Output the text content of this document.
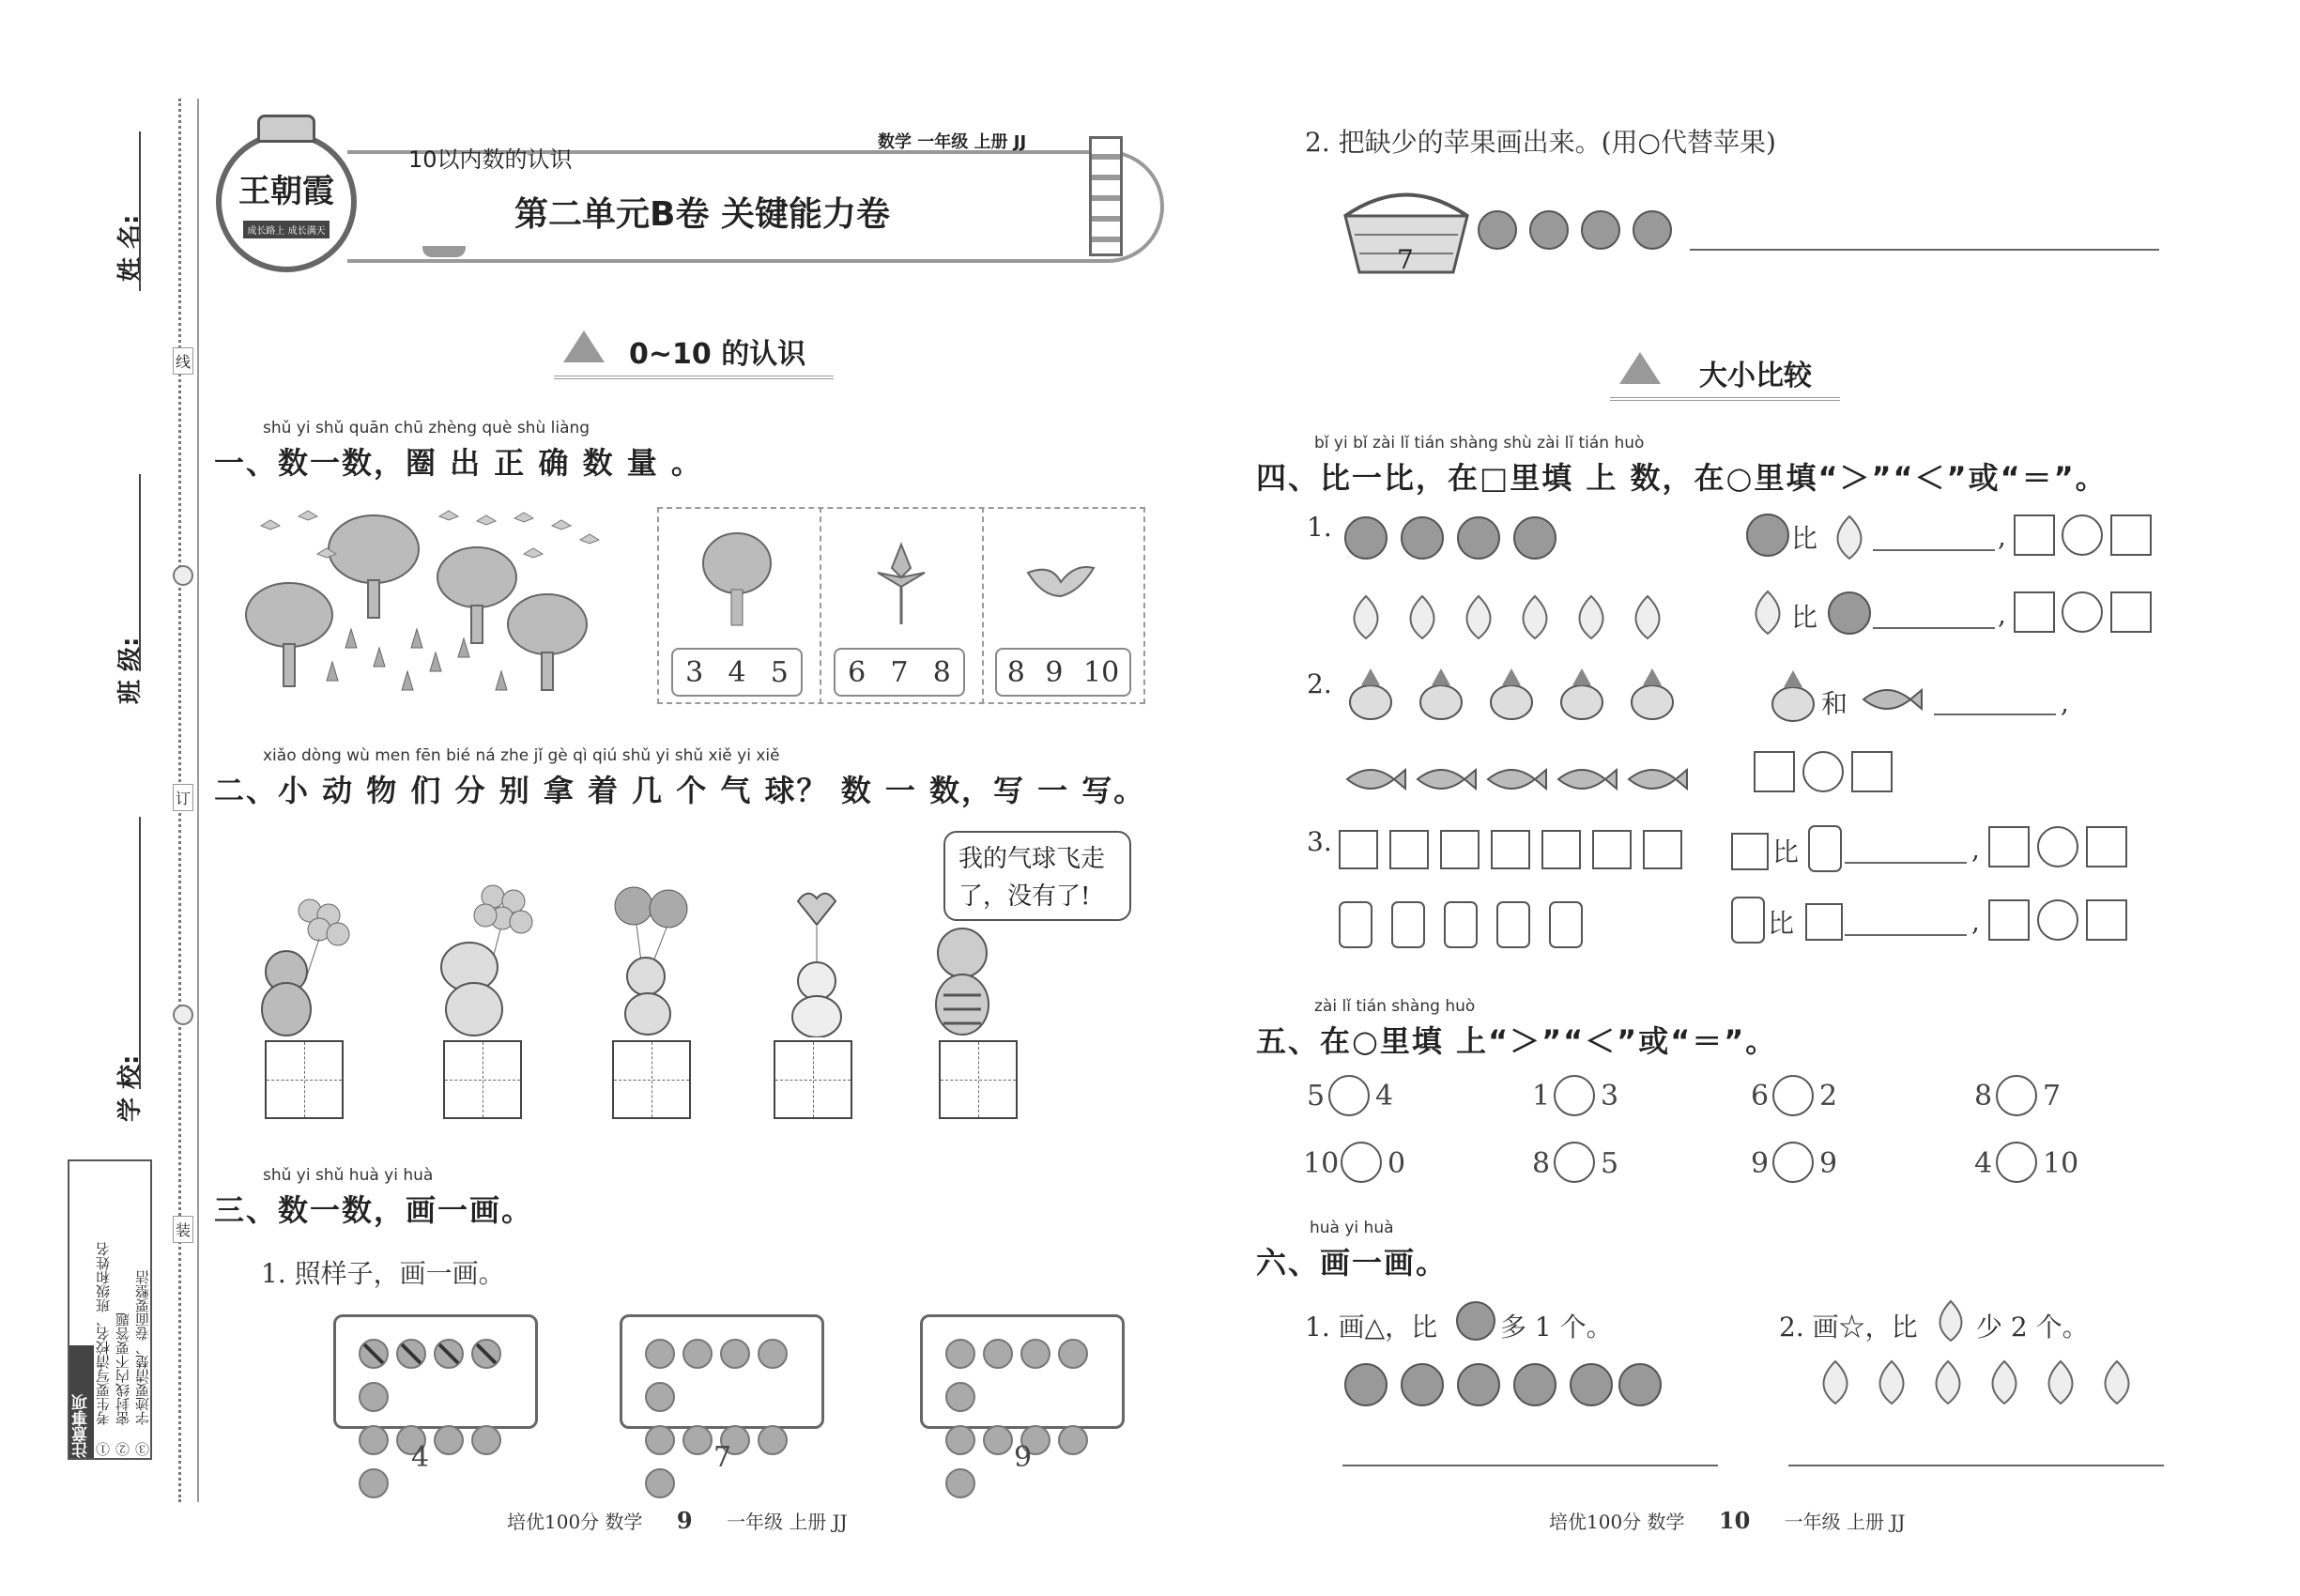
姓 名:
班 级:
学 校:
线
订
装
注意事项 ① 考生要写清校名、班级和姓名 ② 密封线内不要答题 ③ 字迹要清楚、卷面要整洁
王朝霞
成长路上 成长满天
10以内数的认识
数学 一年级 上册 JJ
第二单元B卷 关键能力卷
0~10 的认识
shǔ yi shǔ quān chū zhèng què shù liàng
一、数一数，圈 出 正 确 数 量 。
3 4 5 6 7 8 8 9 10
xiǎo dòng wù men fēn bié ná zhe jǐ gè qì qiú shǔ yi shǔ xiě yi xiě
二、小 动 物 们 分 别 拿 着 几 个 气 球？ 数 一 数，写 一 写。
我的气球飞走了，没有了!
shǔ yi shǔ huà yi huà
三、数一数，画一画。
1. 照样子，画一画。
4	7	9
培优100分 数学 9 一年级 上册 JJ
2. 把缺少的苹果画出来。(用○代替苹果)
7
大小比较
bǐ yi bǐ zài lǐ tián shàng shù zài lǐ tián huò
四、比一比，在□里填 上 数，在○里填“＞”“＜”或“＝”。
1.	比	,
比	,
2.
和	,
3.	比	,
比	,
zài lǐ tián shàng huò
五、在○里填 上“＞”“＜”或“＝”。
5 4	1 3	6 2	8 7
10 0	8 5	9 9	4 10
huà yi huà
六、画一画。
1. 画△，比 多 1 个。	2. 画☆，比 少 2 个。
培优100分 数学 10 一年级 上册 JJ
